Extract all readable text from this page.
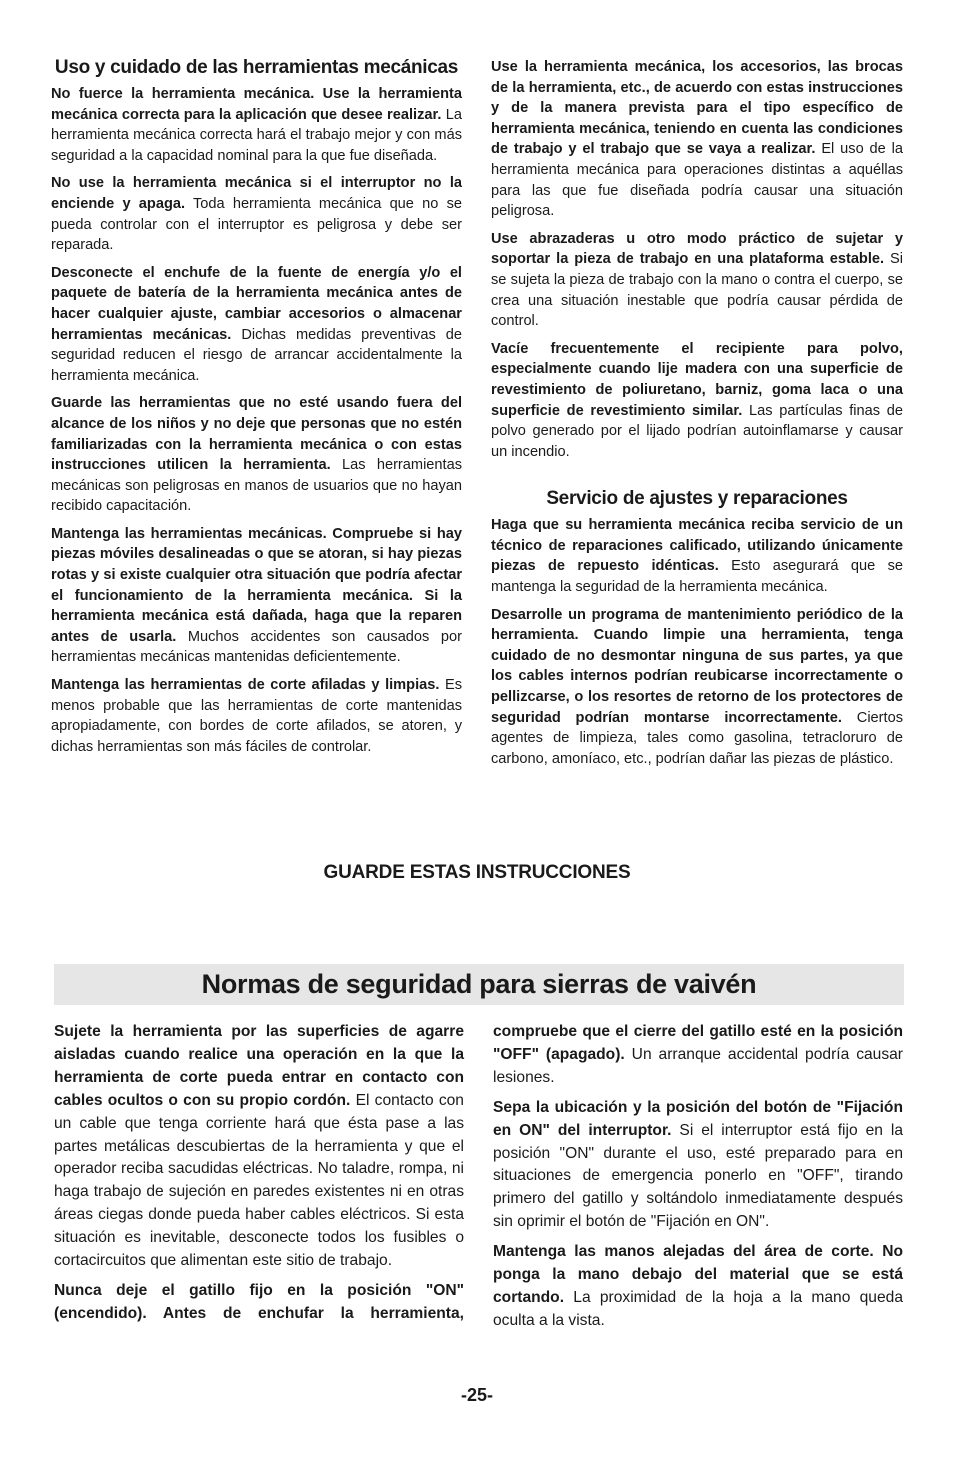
Uso y cuidado de las herramientas mecánicas

No fuerce la herramienta mecánica. Use la herramienta mecánica correcta para la aplicación que desee realizar. La herramienta mecánica correcta hará el trabajo mejor y con más seguridad a la capacidad nominal para la que fue diseñada.

No use la herramienta mecánica si el interruptor no la enciende y apaga. Toda herramienta mecánica que no se pueda controlar con el interruptor es peligrosa y debe ser reparada.

Desconecte el enchufe de la fuente de energía y/o el paquete de batería de la herramienta mecánica antes de hacer cualquier ajuste, cambiar accesorios o almacenar herramientas mecánicas. Dichas medidas preventivas de seguridad reducen el riesgo de arrancar accidentalmente la herramienta mecánica.

Guarde las herramientas que no esté usando fuera del alcance de los niños y no deje que personas que no estén familiarizadas con la herramienta mecánica o con estas instrucciones utilicen la herramienta. Las herramientas mecánicas son peligrosas en manos de usuarios que no hayan recibido capacitación.

Mantenga las herramientas mecánicas. Compruebe si hay piezas móviles desalineadas o que se atoran, si hay piezas rotas y si existe cualquier otra situación que podría afectar el funcionamiento de la herramienta mecánica. Si la herramienta mecánica está dañada, haga que la reparen antes de usarla. Muchos accidentes son causados por herramientas mecánicas mantenidas deficientemente.

Mantenga las herramientas de corte afiladas y limpias. Es menos probable que las herramientas de corte mantenidas apropiadamente, con bordes de corte afilados, se atoren, y dichas herramientas son más fáciles de controlar.

Use la herramienta mecánica, los accesorios, las brocas de la herramienta, etc., de acuerdo con estas instrucciones y de la manera prevista para el tipo específico de herramienta mecánica, teniendo en cuenta las condiciones de trabajo y el trabajo que se vaya a realizar. El uso de la herramienta mecánica para operaciones distintas a aquéllas para las que fue diseñada podría causar una situación peligrosa.

Use abrazaderas u otro modo práctico de sujetar y soportar la pieza de trabajo en una plataforma estable. Si se sujeta la pieza de trabajo con la mano o contra el cuerpo, se crea una situación inestable que podría causar pérdida de control.

Vacíe frecuentemente el recipiente para polvo, especialmente cuando lije madera con una superficie de revestimiento de poliuretano, barniz, goma laca o una superficie de revestimiento similar. Las partículas finas de polvo generado por el lijado podrían autoinflamarse y causar un incendio.

Servicio de ajustes y reparaciones

Haga que su herramienta mecánica reciba servicio de un técnico de reparaciones calificado, utilizando únicamente piezas de repuesto idénticas. Esto asegurará que se mantenga la seguridad de la herramienta mecánica.

Desarrolle un programa de mantenimiento periódico de la herramienta. Cuando limpie una herramienta, tenga cuidado de no desmontar ninguna de sus partes, ya que los cables internos podrían reubicarse incorrectamente o pellizcarse, o los resortes de retorno de los protectores de seguridad podrían montarse incorrectamente. Ciertos agentes de limpieza, tales como gasolina, tetracloruro de carbono, amoníaco, etc., podrían dañar las piezas de plástico.

GUARDE ESTAS INSTRUCCIONES
Normas de seguridad para sierras de vaivén

Sujete la herramienta por las superficies de agarre aisladas cuando realice una operación en la que la herramienta de corte pueda entrar en contacto con cables ocultos o con su propio cordón. El contacto con un cable que tenga corriente hará que ésta pase a las partes metálicas descubiertas de la herramienta y que el operador reciba sacudidas eléctricas. No taladre, rompa, ni haga trabajo de sujeción en paredes existentes ni en otras áreas ciegas donde pueda haber cables eléctricos. Si esta situación es inevitable, desconecte todos los fusibles o cortacircuitos que alimentan este sitio de trabajo.

Nunca deje el gatillo fijo en la posición "ON" (encendido). Antes de enchufar la herramienta,

compruebe que el cierre del gatillo esté en la posición "OFF" (apagado). Un arranque accidental podría causar lesiones.

Sepa la ubicación y la posición del botón de "Fijación en ON" del interruptor. Si el interruptor está fijo en la posición "ON" durante el uso, esté preparado para en situaciones de emergencia ponerlo en "OFF", tirando primero del gatillo y soltándolo inmediatamente después sin oprimir el botón de "Fijación en ON".

Mantenga las manos alejadas del área de corte. No ponga la mano debajo del material que se está cortando. La proximidad de la hoja a la mano queda oculta a la vista.

-25-
